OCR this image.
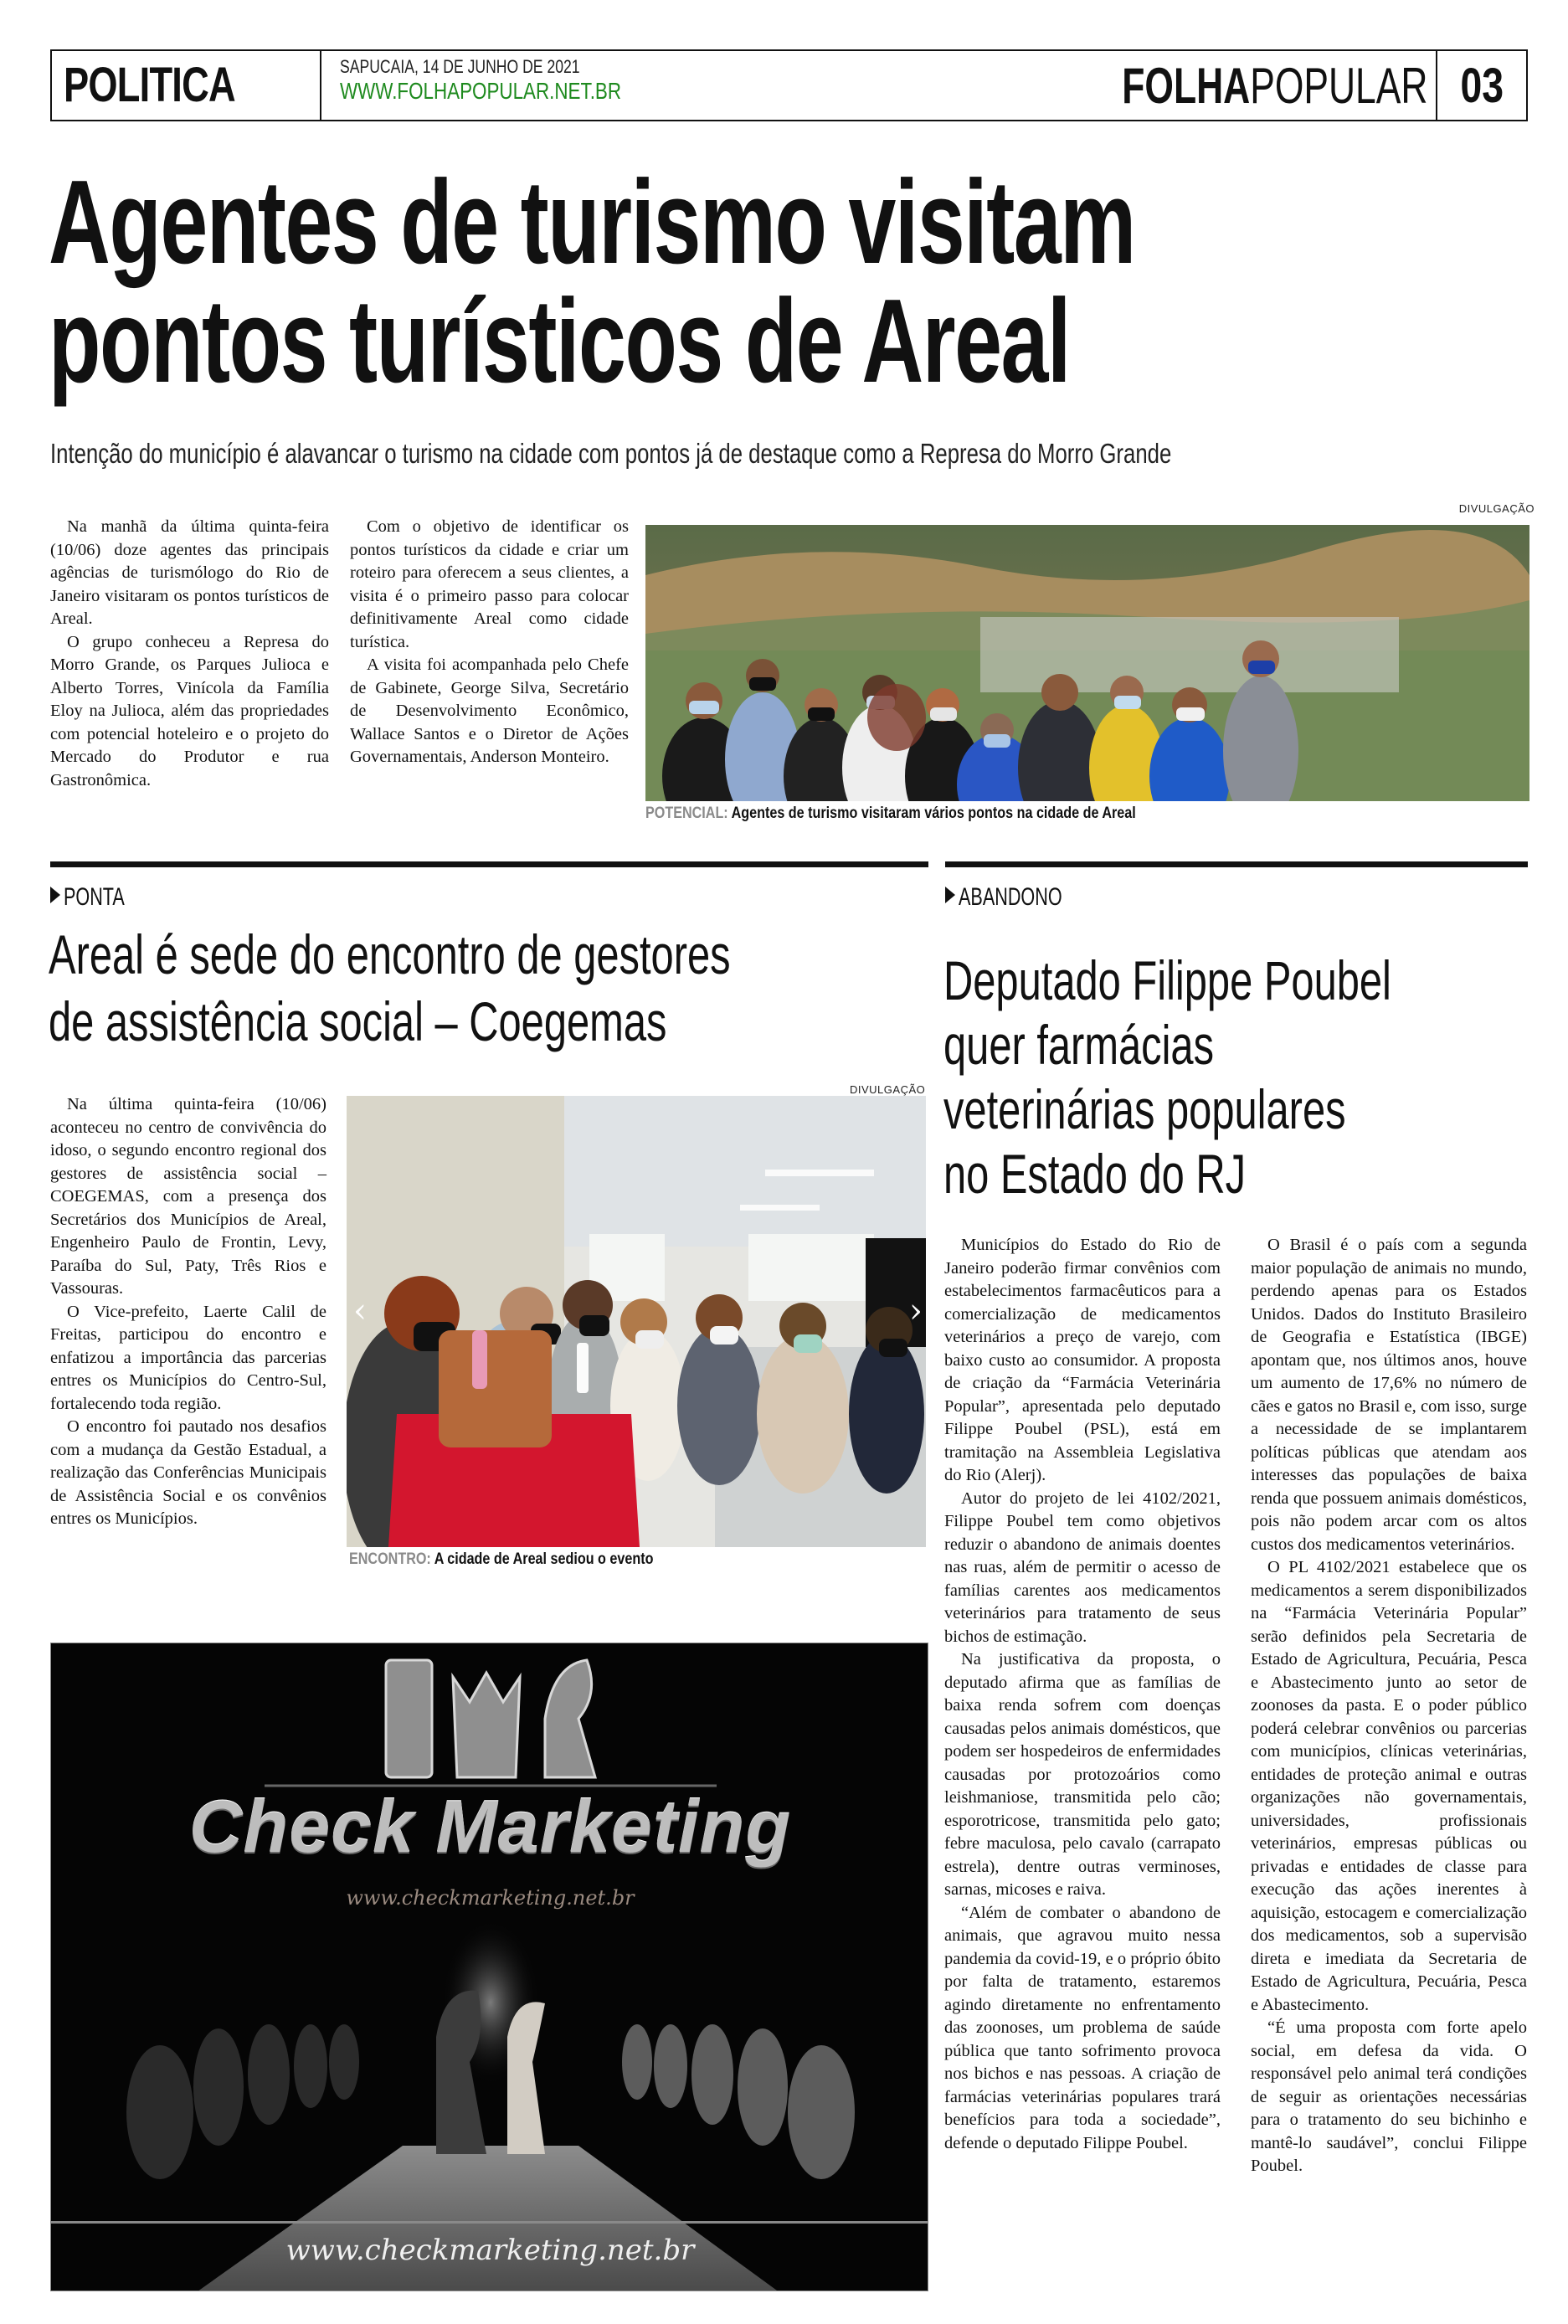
POLITICA	SAPUCAIA, 14 DE JUNHO DE 2021
WWW.FOLHAPOPULAR.NET.BR	FOLHAPOPULAR 03
Agentes de turismo visitam
pontos turísticos de Areal
Intenção do município é alavancar o turismo na cidade com pontos já de destaque como a Represa do Morro Grande

Na manhã da última quinta-feira (10/06) doze agentes das principais agências de turismólogo do Rio de Janeiro visitaram os pontos turísticos de Areal.

O grupo conheceu a Represa do Morro Grande, os Parques Julioca e Alberto Torres, Vinícola da Família Eloy na Julioca, além das propriedades com potencial hoteleiro e o projeto do Mercado do Produtor e rua Gastronômica.

Com o objetivo de identificar os pontos turísticos da cidade e criar um roteiro para oferecem a seus clientes, a visita é o primeiro passo para colocar definitivamente Areal como cidade turística.

A visita foi acompanhada pelo Chefe de Gabinete, George Silva, Secretário de Desenvolvimento Econômico, Wallace Santos e o Diretor de Ações Governamentais, Anderson Monteiro.

DIVULGAÇÃO
POTENCIAL: Agentes de turismo visitaram vários pontos na cidade de Areal
PONTA
Areal é sede do encontro de gestores
de assistência social – Coegemas

Na última quinta-feira (10/06) aconteceu no centro de convivência do idoso, o segundo encontro regional dos gestores de assistência social – COEGEMAS, com a presença dos Secretários dos Municípios de Areal, Engenheiro Paulo de Frontin, Levy, Paraíba do Sul, Paty, Três Rios e Vassouras.

O Vice-prefeito, Laerte Calil de Freitas, participou do encontro e enfatizou a importância das parcerias entres os Municípios do Centro-Sul, fortalecendo toda região.

O encontro foi pautado nos desafios com a mudança da Gestão Estadual, a realização das Conferências Municipais de Assistência Social e os convênios entres os Municípios.

DIVULGAÇÃO
‹	›
ENCONTRO: A cidade de Areal sediou o evento
Check Marketing
www.checkmarketing.net.br
www.checkmarketing.net.br
ABANDONO
Deputado Filippe Poubel
quer farmácias
veterinárias populares
no Estado do RJ

Municípios do Estado do Rio de Janeiro poderão firmar convênios com estabelecimentos farmacêuticos para a comercialização de medicamentos veterinários a preço de varejo, com baixo custo ao consumidor. A proposta de criação da “Farmácia Veterinária Popular”, apresentada pelo deputado Filippe Poubel (PSL), está em tramitação na Assembleia Legislativa do Rio (Alerj).

Autor do projeto de lei 4102/2021, Filippe Poubel tem como objetivos reduzir o abandono de animais doentes nas ruas, além de permitir o acesso de famílias carentes aos medicamentos veterinários para tratamento de seus bichos de estimação.

Na justificativa da proposta, o deputado afirma que as famílias de baixa renda sofrem com doenças causadas pelos animais domésticos, que podem ser hospedeiros de enfermidades causadas por protozoários como leishmaniose, transmitida pelo cão; esporotricose, transmitida pelo gato; febre maculosa, pelo cavalo (carrapato estrela), dentre outras verminoses, sarnas, micoses e raiva.

“Além de combater o abandono de animais, que agravou muito nessa pandemia da covid-19, e o próprio óbito por falta de tratamento, estaremos agindo diretamente no enfrentamento das zoonoses, um problema de saúde pública que tanto sofrimento provoca nos bichos e nas pessoas. A criação de farmácias veterinárias populares trará benefícios para toda a sociedade”, defende o deputado Filippe Poubel.

O Brasil é o país com a segunda maior população de animais no mundo, perdendo apenas para os Estados Unidos. Dados do Instituto Brasileiro de Geografia e Estatística (IBGE) apontam que, nos últimos anos, houve um aumento de 17,6% no número de cães e gatos no Brasil e, com isso, surge a necessidade de se implantarem políticas públicas que atendam aos interesses das populações de baixa renda que possuem animais domésticos, pois não podem arcar com os altos custos dos medicamentos veterinários.

O PL 4102/2021 estabelece que os medicamentos a serem disponibilizados na “Farmácia Veterinária Popular” serão definidos pela Secretaria de Estado de Agricultura, Pecuária, Pesca e Abastecimento junto ao setor de zoonoses da pasta. E o poder público poderá celebrar convênios ou parcerias com municípios, clínicas veterinárias, entidades de proteção animal e outras organizações não governamentais, universidades, profissionais veterinários, empresas públicas ou privadas e entidades de classe para execução das ações inerentes à aquisição, estocagem e comercialização dos medicamentos, sob a supervisão direta e imediata da Secretaria de Estado de Agricultura, Pecuária, Pesca e Abastecimento.

“É uma proposta com forte apelo social, em defesa da vida. O responsável pelo animal terá condições de seguir as orientações necessárias para o tratamento do seu bichinho e mantê-lo saudável”, conclui Filippe Poubel.
